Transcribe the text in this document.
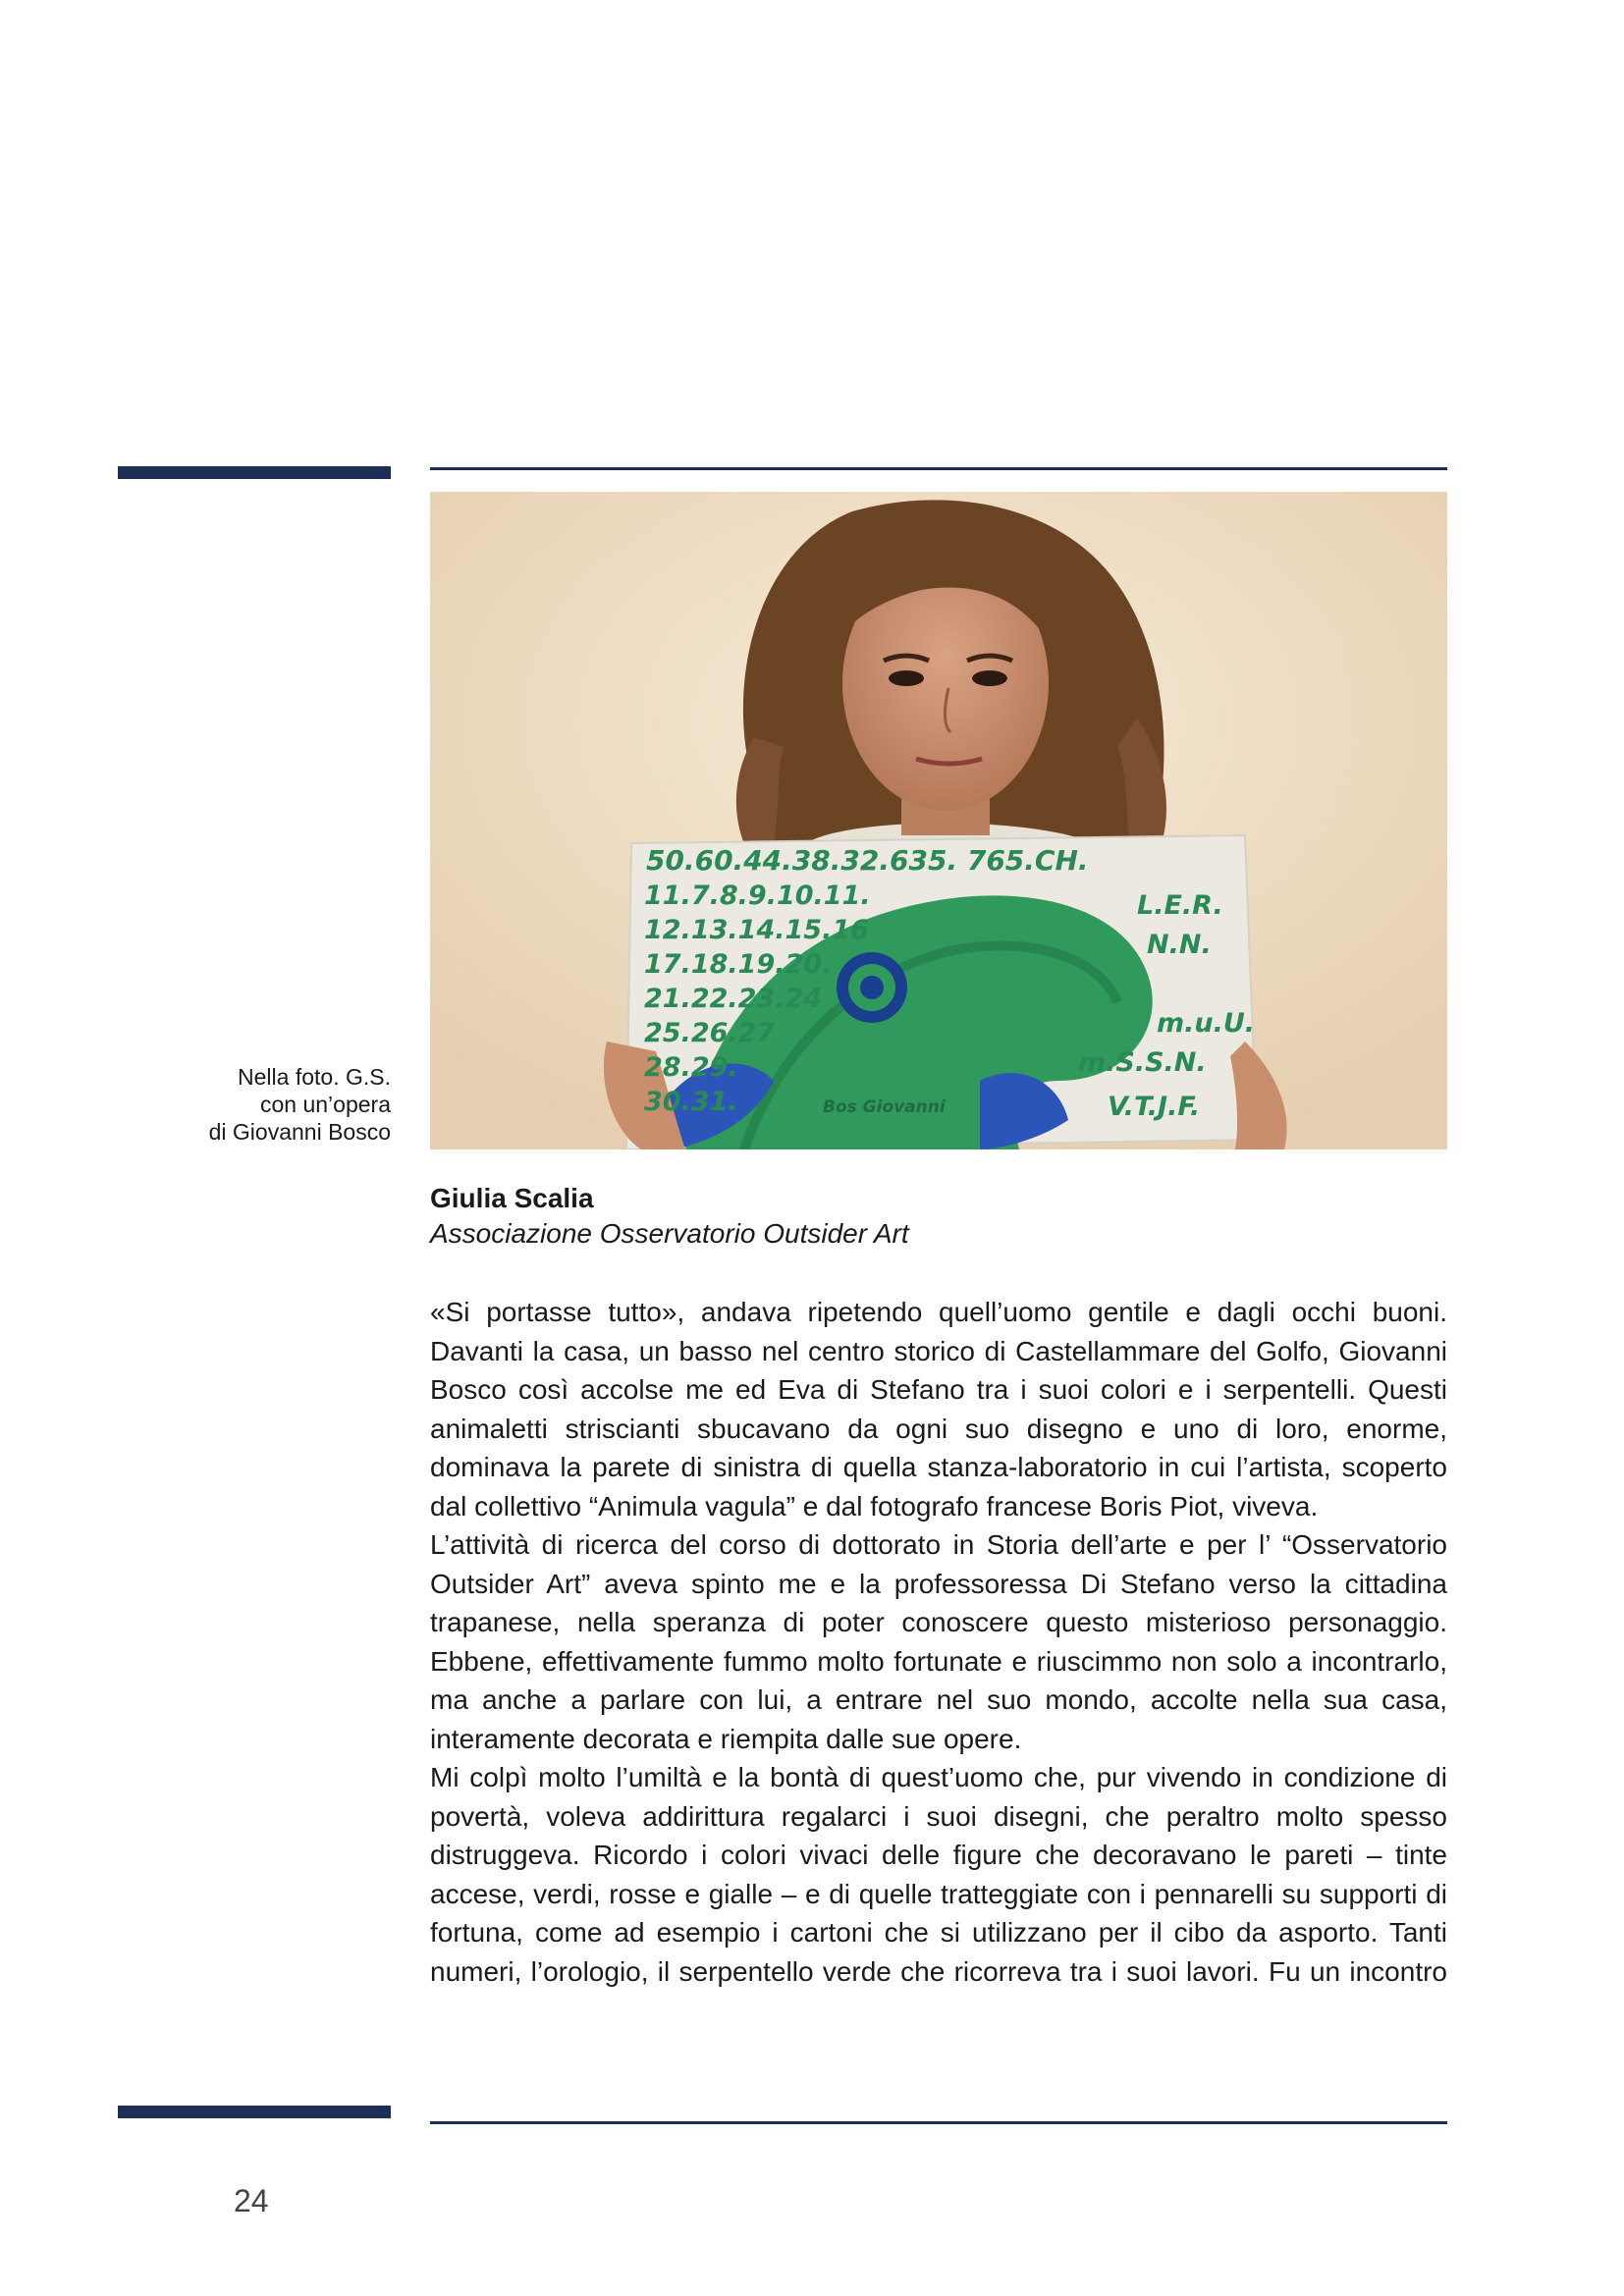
50.60.44.38.32.635. 765.CH.
11.7.8.9.10.11.
12.13.14.15.16
17.18.19.20.
21.22.23.24
25.26.27
28.29.
30.31.
L.E.R.
N.N.
m.u.U.
m.S.S.N.
V.T.J.F.
Bos Giovanni
Nella foto. G.S.
con un’opera
di Giovanni Bosco

Giulia Scalia

Associazione Osservatorio Outsider Art

«Si portasse tutto», andava ripetendo quell’uomo gentile e dagli occhi buoni. Davanti la casa, un basso nel centro storico di Castellammare del Golfo, Giovanni Bosco così accolse me ed Eva di Stefano tra i suoi colori e i serpentelli. Questi animaletti striscianti sbucavano da ogni suo disegno e uno di loro, enorme, dominava la parete di sinistra di quella stanza-laboratorio in cui l’artista, scoperto dal collettivo “Animula vagula” e dal fotografo francese Boris Piot, viveva.

L’attività di ricerca del corso di dottorato in Storia dell’arte e per l’ “Osservatorio Outsider Art” aveva spinto me e la professoressa Di Stefano verso la cittadina trapanese, nella speranza di poter conoscere questo misterioso personaggio. Ebbene, effettivamente fummo molto fortunate e riuscimmo non solo a incontrarlo, ma anche a parlare con lui, a entrare nel suo mondo, accolte nella sua casa, interamente decorata e riempita dalle sue opere.

Mi colpì molto l’umiltà e la bontà di quest’uomo che, pur vivendo in condizione di povertà, voleva addirittura regalarci i suoi disegni, che peraltro molto spesso distruggeva. Ricordo i colori vivaci delle figure che decoravano le pareti – tinte accese, verdi, rosse e gialle – e di quelle tratteggiate con i pennarelli su supporti di fortuna, come ad esempio i cartoni che si utilizzano per il cibo da asporto. Tanti numeri, l’orologio, il serpentello verde che ricorreva tra i suoi lavori. Fu un incontro

24
